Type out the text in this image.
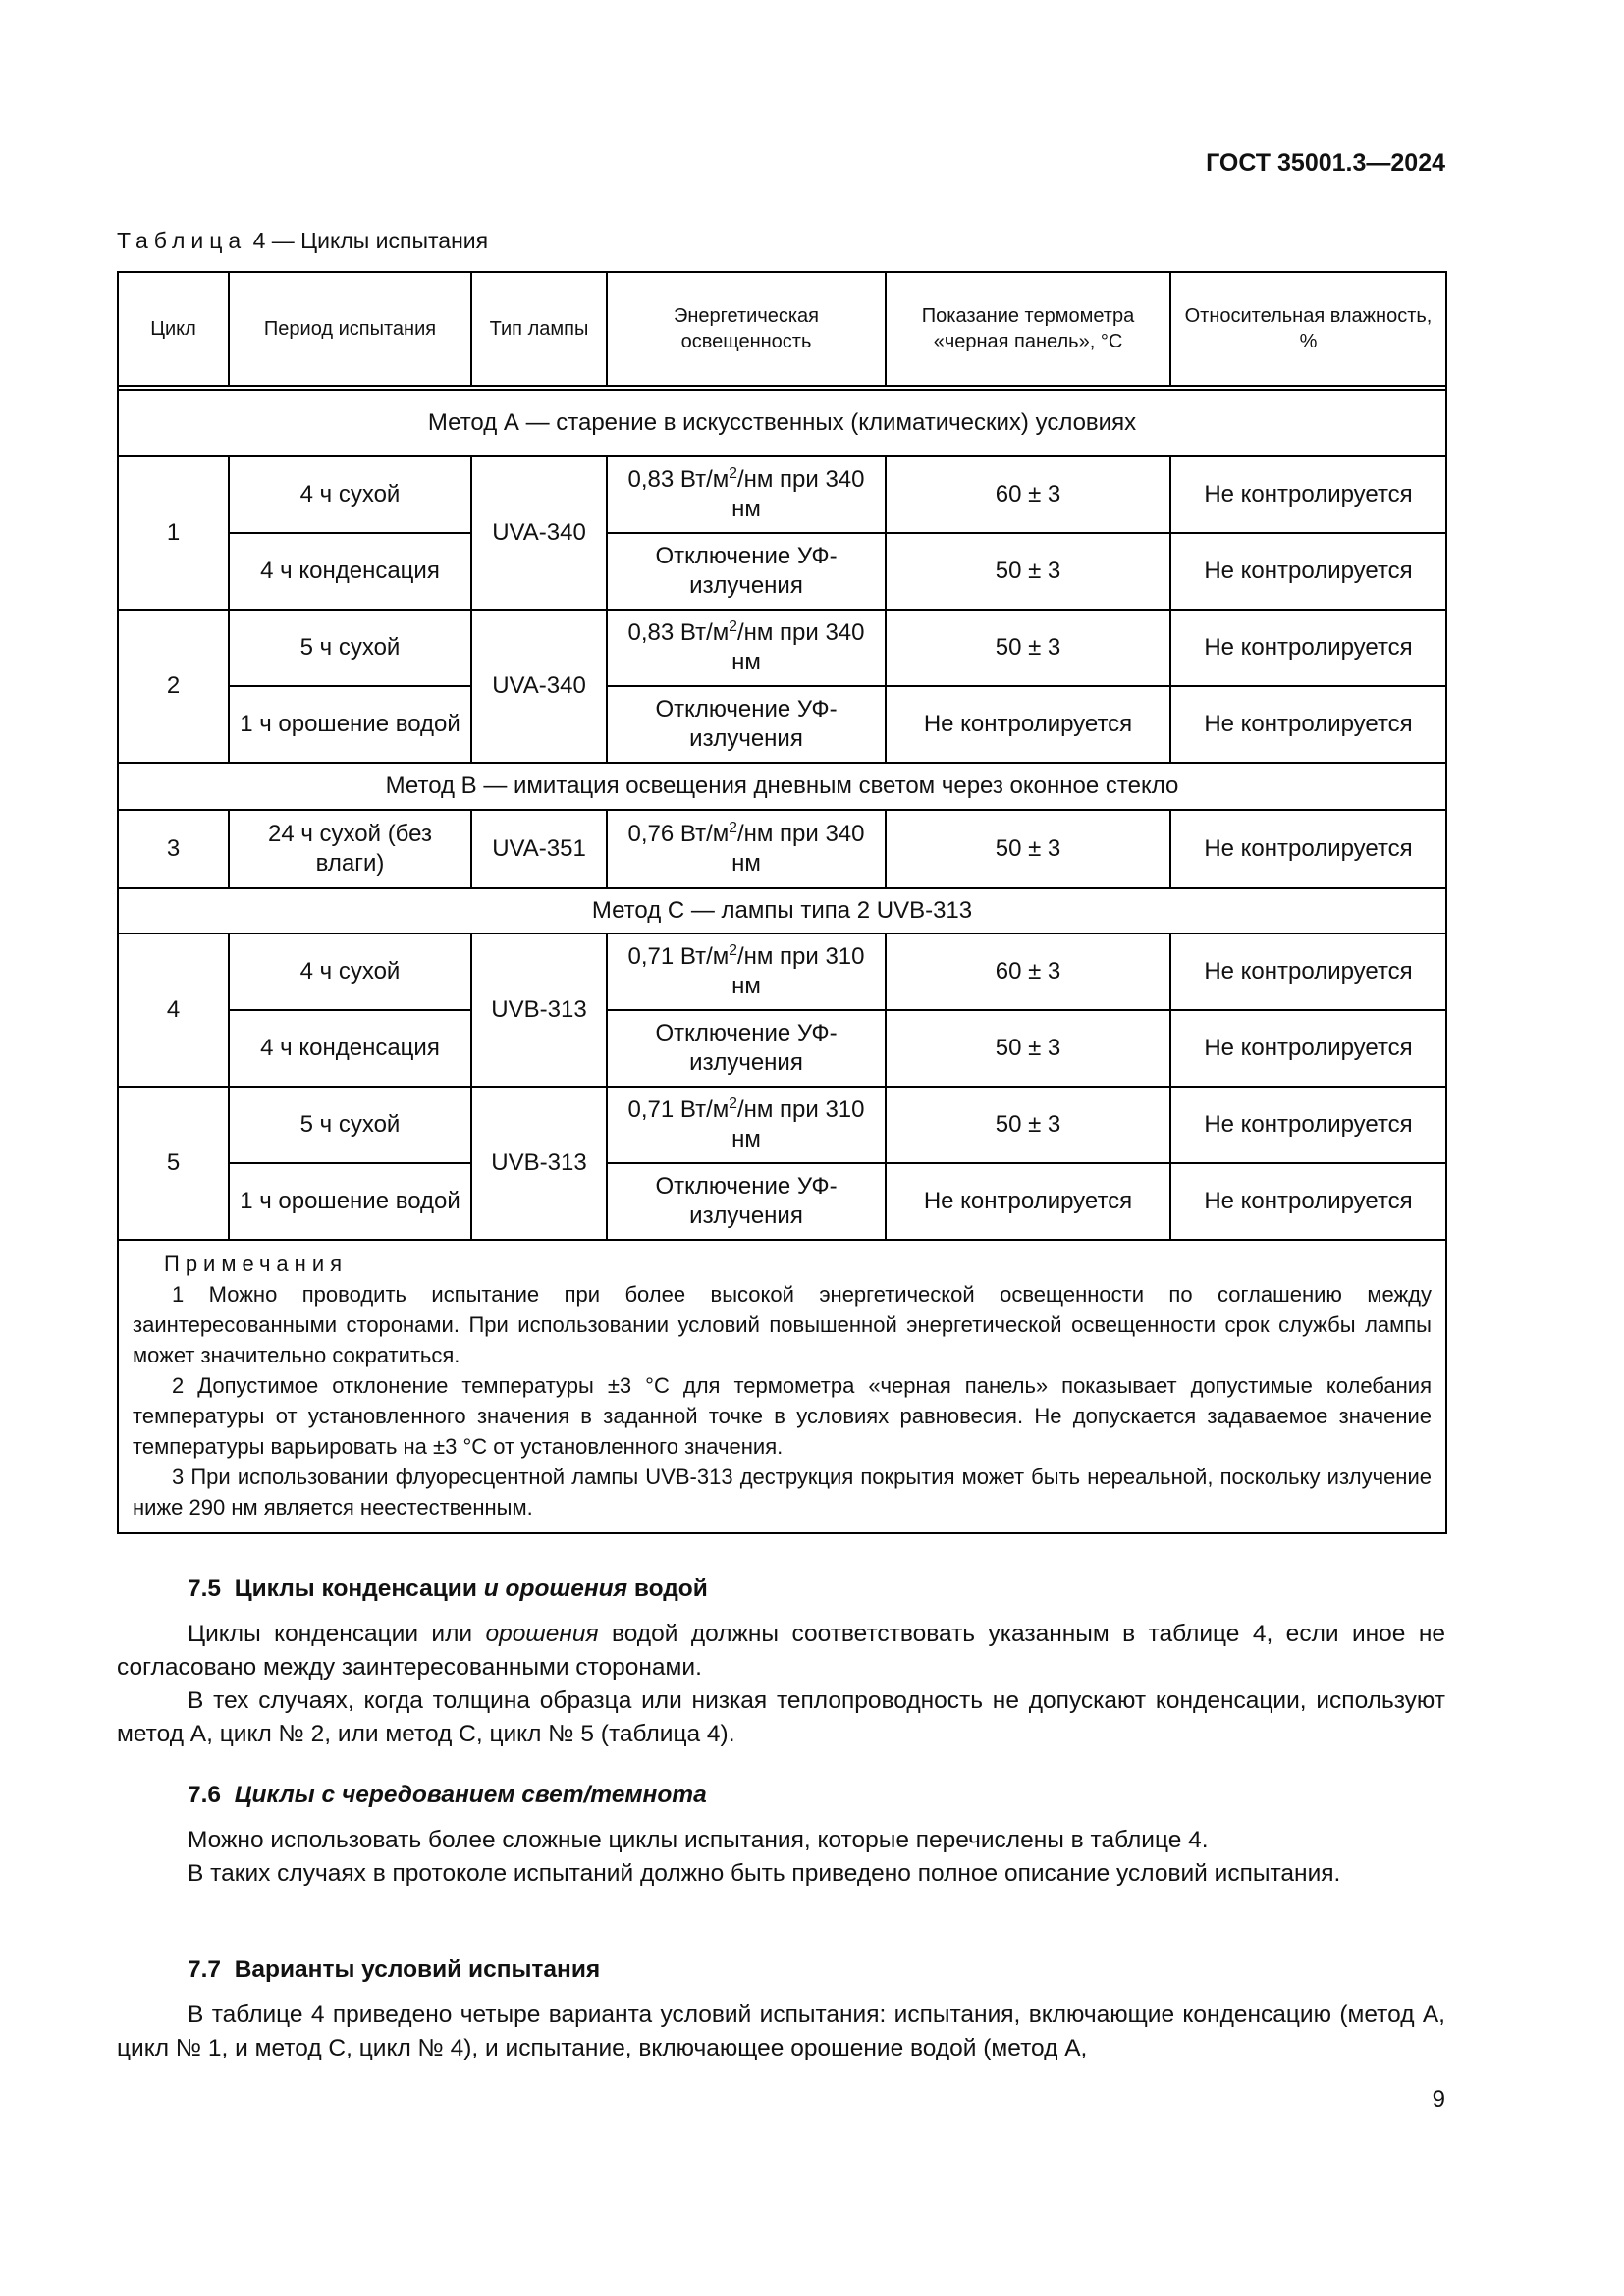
ГОСТ 35001.3—2024
Таблица 4 — Циклы испытания
Цикл	Период испытания	Тип лампы	Энергетическая освещенность	Показание термометра «черная панель», °С	Относительная влажность, %

Метод А — старение в искусственных (климатических) условиях					
1	4 ч сухой	UVA-340	0,83 $Вт/м^2/нм$ при 340 нм	60 ± 3	Не контролируется
	4 ч конденсация		Отключение УФ-излучения	50 ± 3	Не контролируется
2	5 ч сухой	UVA-340	0,83 $Вт/м^2/нм$ при 340 нм	50 ± 3	Не контролируется
	1 ч орошение водой		Отключение УФ-излучения	Не контролируется	Не контролируется
Метод В — имитация освещения дневным светом через оконное стекло					
3	24 ч сухой (без влаги)	UVA-351	0,76 $Вт/м^2/нм$ при 340 нм	50 ± 3	Не контролируется
Метод С — лампы типа 2 UVB-313					
4	4 ч сухой	UVB-313	0,71 $Вт/м^2/нм$ при 310 нм	60 ± 3	Не контролируется
	4 ч конденсация		Отключение УФ-излучения	50 ± 3	Не контролируется
5	5 ч сухой	UVB-313	0,71 $Вт/м^2/нм$ при 310 нм	50 ± 3	Не контролируется
	1 ч орошение водой		Отключение УФ-излучения	Не контролируется	Не контролируется

Примечания

1 Можно проводить испытание при более высокой энергетической освещенности по соглашению между заинтересованными сторонами. При использовании условий повышенной энергетической освещенности срок службы лампы может значительно сократиться.

2 Допустимое отклонение температуры ±3 °С для термометра «черная панель» показывает допустимые колебания температуры от установленного значения в заданной точке в условиях равновесия. Не допускается задаваемое значение температуры варьировать на ±3 °С от установленного значения.

3 При использовании флуоресцентной лампы UVB-313 деструкция покрытия может быть нереальной, поскольку излучение ниже 290 нм является неестественным.					

7.5 Циклы конденсации и орошения водой

Циклы конденсации или орошения водой должны соответствовать указанным в таблице 4, если иное не согласовано между заинтересованными сторонами.

В тех случаях, когда толщина образца или низкая теплопроводность не допускают конденсации, используют метод А, цикл № 2, или метод С, цикл № 5 (таблица 4).

7.6 Циклы с чередованием свет/темнота

Можно использовать более сложные циклы испытания, которые перечислены в таблице 4.

В таких случаях в протоколе испытаний должно быть приведено полное описание условий испытания.

7.7 Варианты условий испытания

В таблице 4 приведено четыре варианта условий испытания: испытания, включающие конденсацию (метод А, цикл № 1, и метод С, цикл № 4), и испытание, включающее орошение водой (метод А,

9
